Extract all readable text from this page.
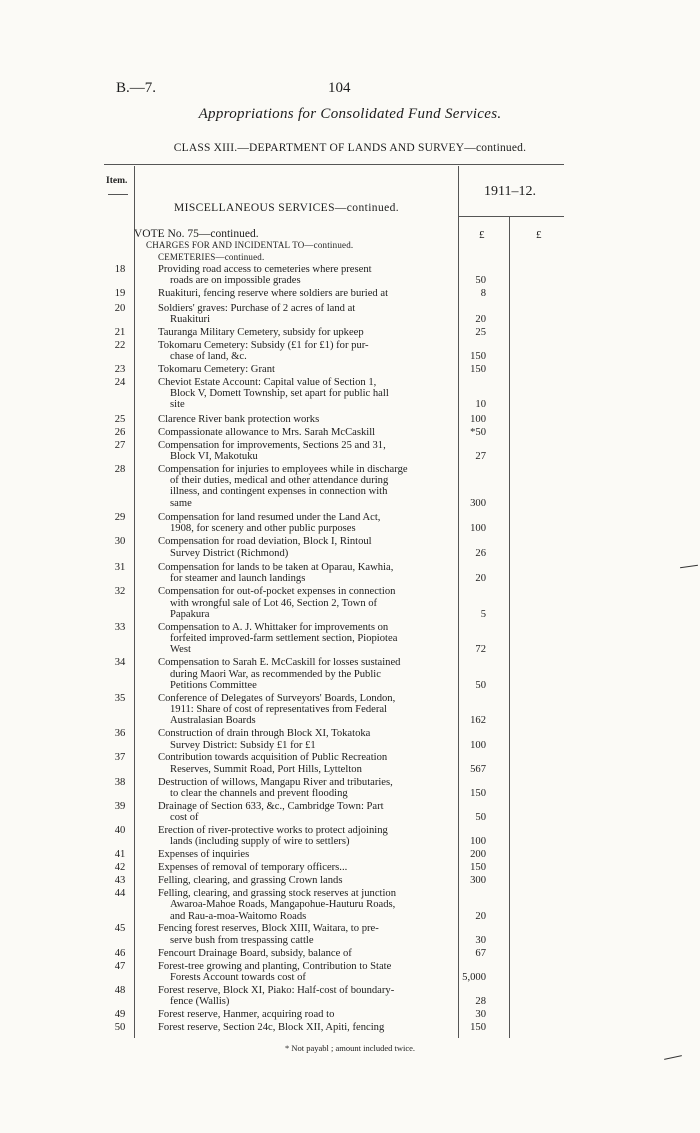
B.—7.	104
Appropriations for Consolidated Fund Services.
CLASS XIII.—DEPARTMENT OF LANDS AND SURVEY—continued.
Item.
1911–12.
MISCELLANEOUS SERVICES—continued.
VOTE No. 75—continued.
CHARGES FOR AND INCIDENTAL TO—continued.
CEMETERIES—continued.
£	£
18	Providing road access to cemeteries where present
roads are on impossible grades	50
19	Ruakituri, fencing reserve where soldiers are buried at	8
20	Soldiers' graves: Purchase of 2 acres of land at
Ruakituri	20
21	Tauranga Military Cemetery, subsidy for upkeep	25
22	Tokomaru Cemetery: Subsidy (£1 for £1) for pur-
chase of land, &c.	150
23	Tokomaru Cemetery: Grant	150
24	Cheviot Estate Account: Capital value of Section 1,
Block V, Domett Township, set apart for public hall
site	10
25	Clarence River bank protection works	100
26	Compassionate allowance to Mrs. Sarah McCaskill	*50
27	Compensation for improvements, Sections 25 and 31,
Block VI, Makotuku	27
28	Compensation for injuries to employees while in discharge
of their duties, medical and other attendance during
illness, and contingent expenses in connection with
same	300
29	Compensation for land resumed under the Land Act,
1908, for scenery and other public purposes	100
30	Compensation for road deviation, Block I, Rintoul
Survey District (Richmond)	26
31	Compensation for lands to be taken at Oparau, Kawhia,
for steamer and launch landings	20
32	Compensation for out-of-pocket expenses in connection
with wrongful sale of Lot 46, Section 2, Town of
Papakura	5
33	Compensation to A. J. Whittaker for improvements on
forfeited improved-farm settlement section, Piopiotea
West	72
34	Compensation to Sarah E. McCaskill for losses sustained
during Maori War, as recommended by the Public
Petitions Committee	50
35	Conference of Delegates of Surveyors' Boards, London,
1911: Share of cost of representatives from Federal
Australasian Boards	162
36	Construction of drain through Block XI, Tokatoka
Survey District: Subsidy £1 for £1	100
37	Contribution towards acquisition of Public Recreation
Reserves, Summit Road, Port Hills, Lyttelton	567
38	Destruction of willows, Mangapu River and tributaries,
to clear the channels and prevent flooding	150
39	Drainage of Section 633, &c., Cambridge Town: Part
cost of	50
40	Erection of river-protective works to protect adjoining
lands (including supply of wire to settlers)	100
41	Expenses of inquiries	200
42	Expenses of removal of temporary officers...	150
43	Felling, clearing, and grassing Crown lands	300
44	Felling, clearing, and grassing stock reserves at junction
Awaroa-Mahoe Roads, Mangapohue-Hauturu Roads,
and Rau-a-moa-Waitomo Roads	20
45	Fencing forest reserves, Block XIII, Waitara, to pre-
serve bush from trespassing cattle	30
46	Fencourt Drainage Board, subsidy, balance of	67
47	Forest-tree growing and planting, Contribution to State
Forests Account towards cost of	5,000
48	Forest reserve, Block XI, Piako: Half-cost of boundary-
fence (Wallis)	28
49	Forest reserve, Hanmer, acquiring road to	30
50	Forest reserve, Section 24c, Block XII, Apiti, fencing	150
* Not payabl ; amount included twice.
